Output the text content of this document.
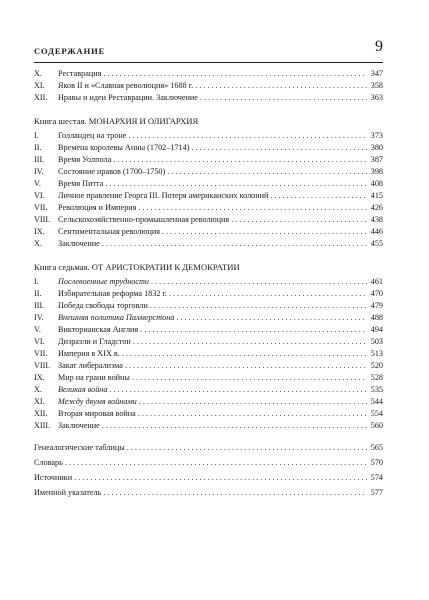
СОДЕРЖАНИЕ	9
X.	Реставрация .....	347
XI.	Яков II и «Славная революция» 1688 г. .....	358
XII.	Нравы и идеи Реставрации. Заключение .....	363
Книга шестая. МОНАРХИЯ И ОЛИГАРХИЯ
I.	Голландец на троне .....	373
II.	Времена королевы Анны (1702–1714) .....	380
III.	Время Уолпола .....	387
IV.	Состояние нравов (1700–1750) .....	398
V.	Время Питта .....	408
VI.	Личное правление Георга III. Потеря американских колоний .....	415
VII.	Революция и Империя .....	426
VIII. Сельскохозяйственно-промышленная революция .....	438
IX.	Сентиментальная революция .....	446
X.	Заключение .....	455
Книга седьмая. ОТ АРИСТОКРАТИИ К ДЕМОКРАТИИ
I.	Послевоенные трудности .....	461
II.	Избирательная реформа 1832 г. .....	470
III.	Победа свободы торговли .....	479
IV.	Внешняя политика Палмерстона .....	488
V.	Викторианская Англия .....	494
VI.	Дизраэли и Гладстон .....	503
VII.	Империя в XIX в. .....	513
VIII. Закат либерализма .....	520
IX.	Мир на грани войны .....	528
X.	Великая война .....	535
XI.	Между двумя войнами .....	544
XII.	Вторая мировая война .....	554
XIII. Заключение .....	560
Генеалогические таблицы .....	565
Словарь .....	570
Источники .....	574
Именной указатель .....	577
